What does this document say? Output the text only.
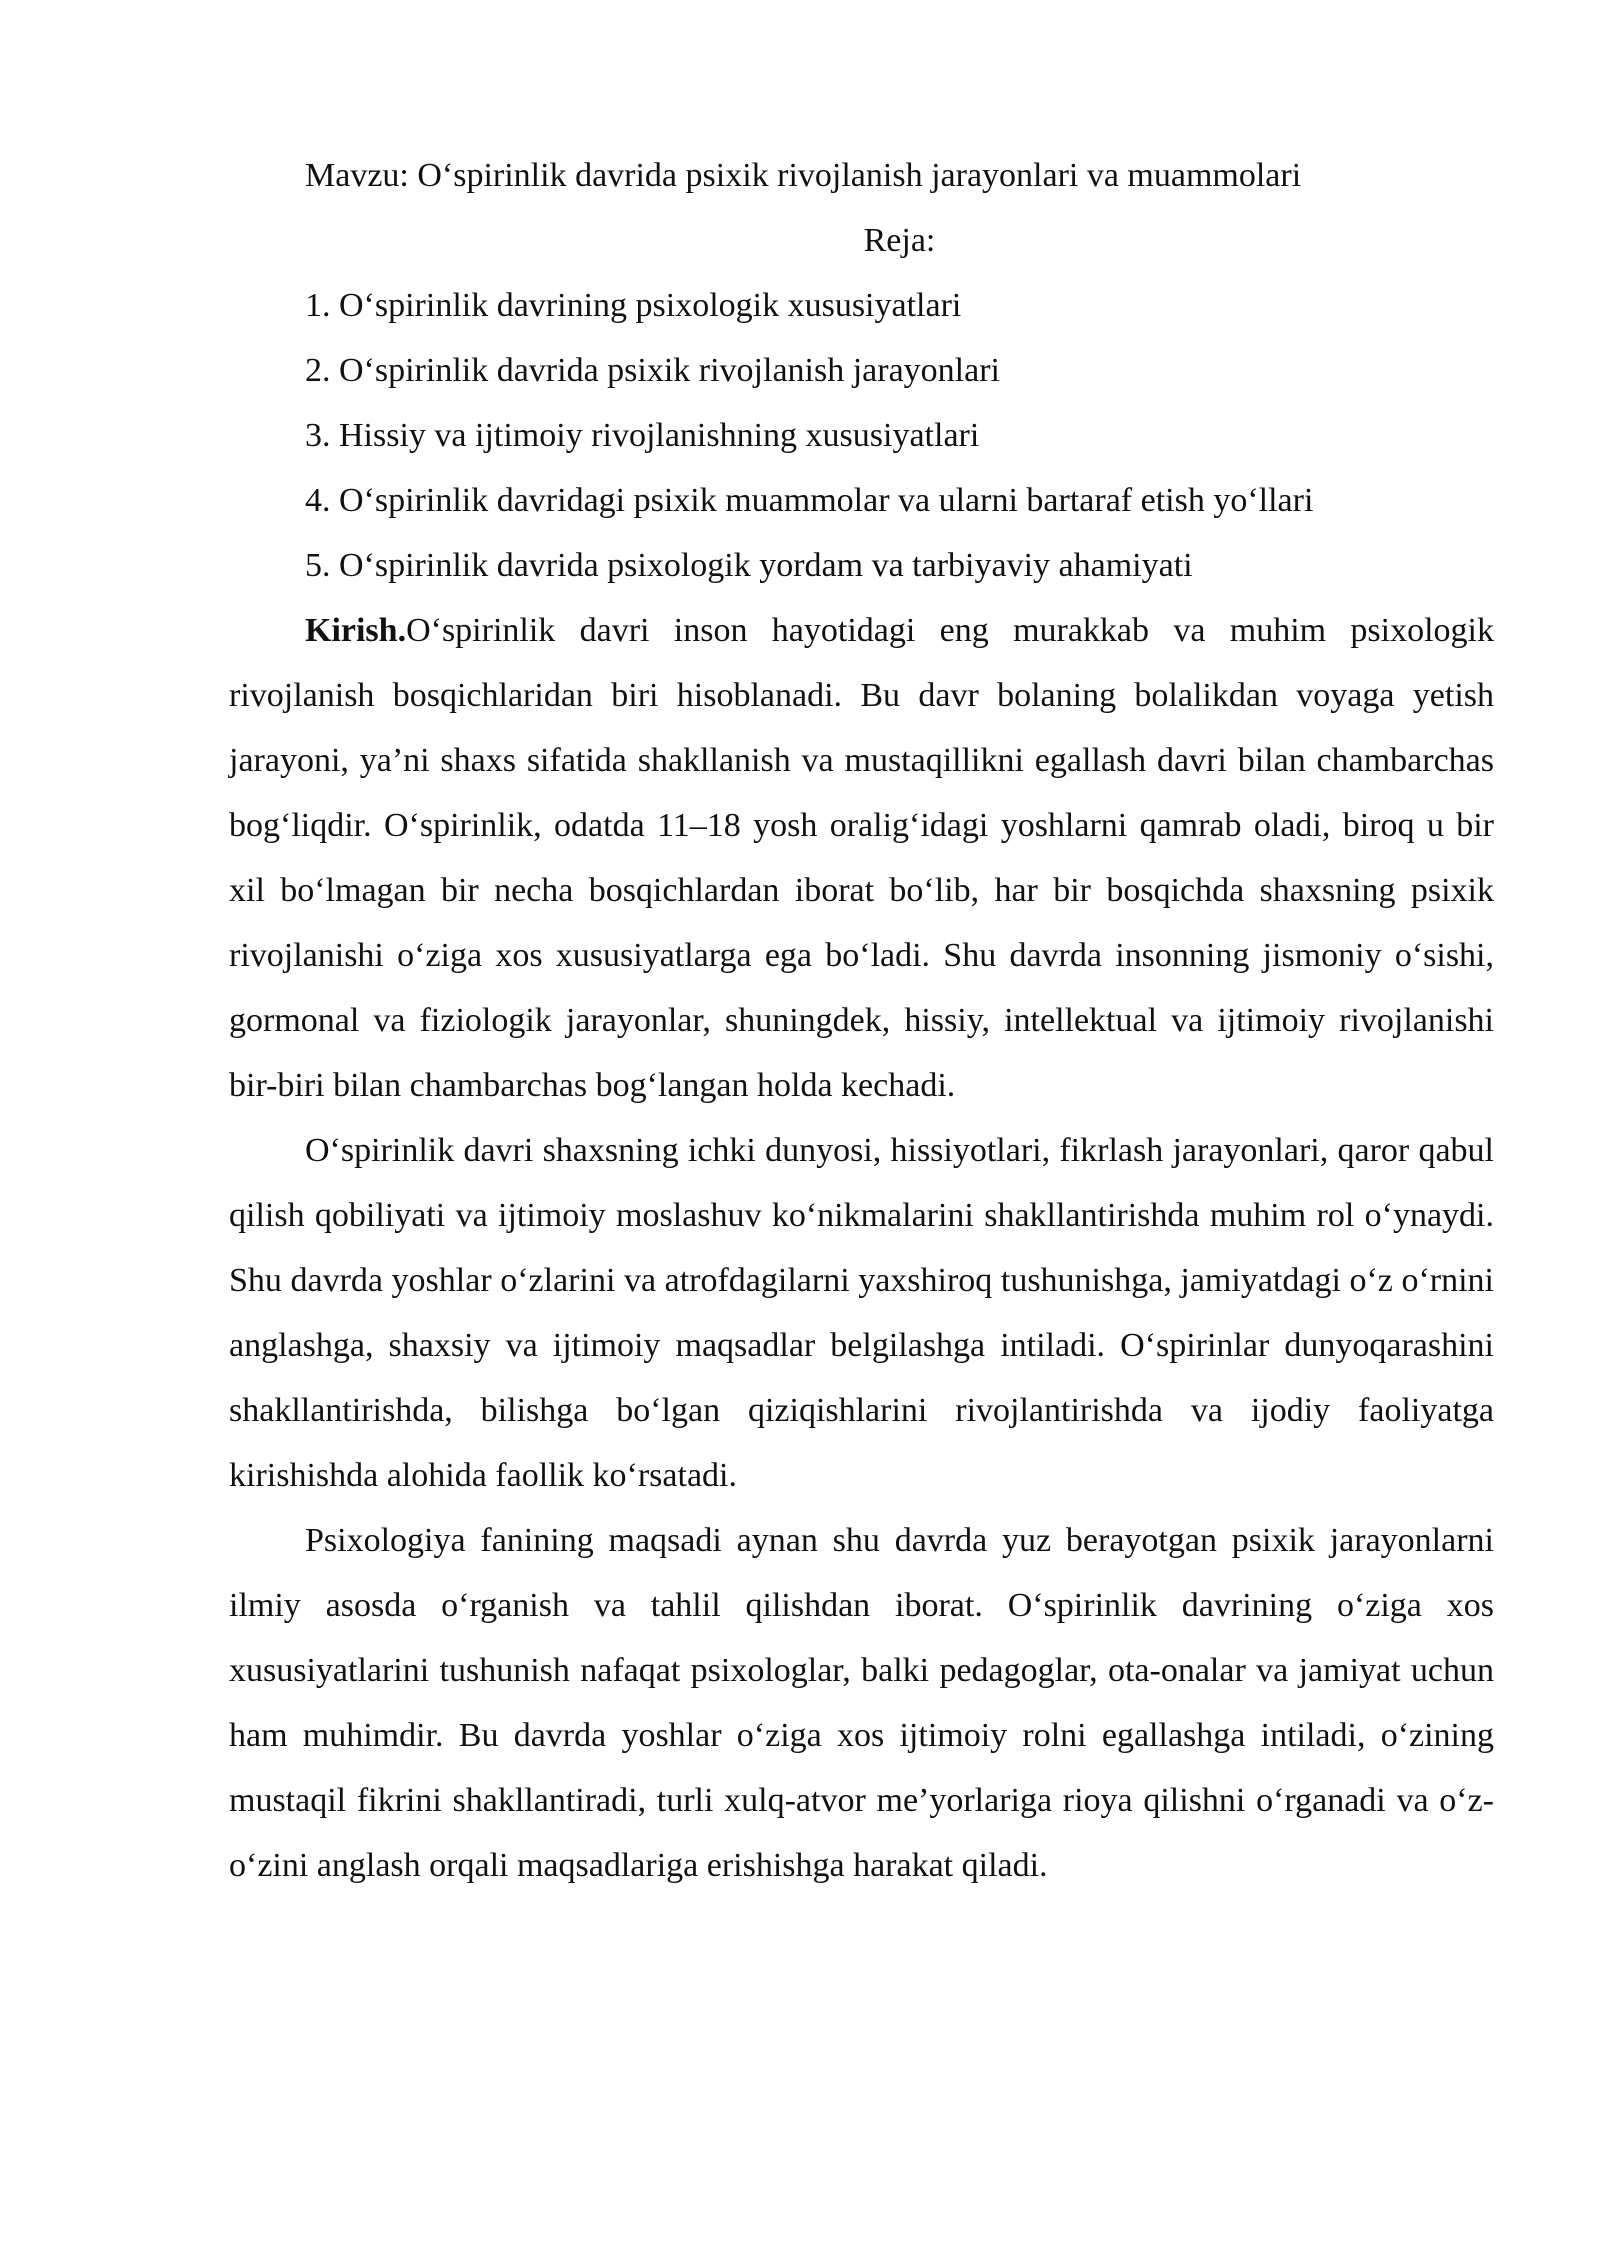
Mavzu: O‘spirinlik davrida psixik rivojlanish jarayonlari va muammolari

Reja:

1. O‘spirinlik davrining psixologik xususiyatlari
2. O‘spirinlik davrida psixik rivojlanish jarayonlari
3. Hissiy va ijtimoiy rivojlanishning xususiyatlari
4. O‘spirinlik davridagi psixik muammolar va ularni bartaraf etish yo‘llari
5. O‘spirinlik davrida psixologik yordam va tarbiyaviy ahamiyati

Kirish.O‘spirinlik davri inson hayotidagi eng murakkab va muhim psixologik rivojlanish bosqichlaridan biri hisoblanadi. Bu davr bolaning bolalikdan voyaga yetish jarayoni, ya’ni shaxs sifatida shakllanish va mustaqillikni egallash davri bilan chambarchas bog‘liqdir. O‘spirinlik, odatda 11–18 yosh oralig‘idagi yoshlarni qamrab oladi, biroq u bir xil bo‘lmagan bir necha bosqichlardan iborat bo‘lib, har bir bosqichda shaxsning psixik rivojlanishi o‘ziga xos xususiyatlarga ega bo‘ladi. Shu davrda insonning jismoniy o‘sishi, gormonal va fiziologik jarayonlar, shuningdek, hissiy, intellektual va ijtimoiy rivojlanishi bir-biri bilan chambarchas bog‘langan holda kechadi.

O‘spirinlik davri shaxsning ichki dunyosi, hissiyotlari, fikrlash jarayonlari, qaror qabul qilish qobiliyati va ijtimoiy moslashuv ko‘nikmalarini shakllantirishda muhim rol o‘ynaydi. Shu davrda yoshlar o‘zlarini va atrofdagilarni yaxshiroq tushunishga, jamiyatdagi o‘z o‘rnini anglashga, shaxsiy va ijtimoiy maqsadlar belgilashga intiladi. O‘spirinlar dunyoqarashini shakllantirishda, bilishga bo‘lgan qiziqishlarini rivojlantirishda va ijodiy faoliyatga kirishishda alohida faollik ko‘rsatadi.

Psixologiya fanining maqsadi aynan shu davrda yuz berayotgan psixik jarayonlarni ilmiy asosda o‘rganish va tahlil qilishdan iborat. O‘spirinlik davrining o‘ziga xos xususiyatlarini tushunish nafaqat psixologlar, balki pedagoglar, ota-onalar va jamiyat uchun ham muhimdir. Bu davrda yoshlar o‘ziga xos ijtimoiy rolni egallashga intiladi, o‘zining mustaqil fikrini shakllantiradi, turli xulq-atvor me’yorlariga rioya qilishni o‘rganadi va o‘z-o‘zini anglash orqali maqsadlariga erishishga harakat qiladi.
